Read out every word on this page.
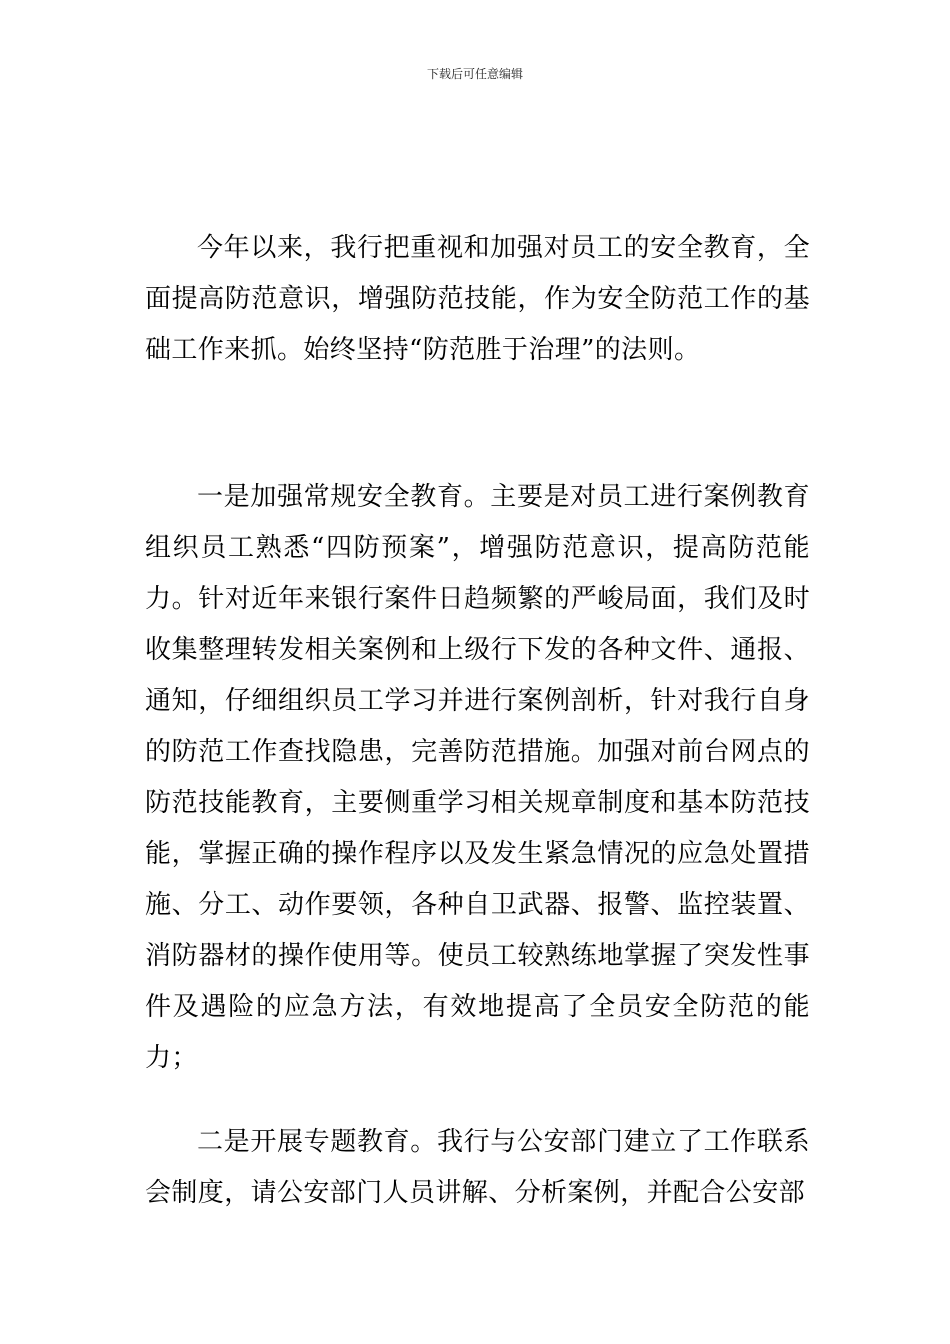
下载后可任意编辑

今年以来，我行把重视和加强对员工的安全教育，全面提高防范意识，增强防范技能，作为安全防范工作的基础工作来抓。始终坚持“防范胜于治理”的法则。

一是加强常规安全教育。主要是对员工进行案例教育组织员工熟悉“四防预案”，增强防范意识，提高防范能力。针对近年来银行案件日趋频繁的严峻局面，我们及时收集整理转发相关案例和上级行下发的各种文件、通报、通知，仔细组织员工学习并进行案例剖析，针对我行自身的防范工作查找隐患，完善防范措施。加强对前台网点的防范技能教育，主要侧重学习相关规章制度和基本防范技能，掌握正确的操作程序以及发生紧急情况的应急处置措施、分工、动作要领，各种自卫武器、报警、监控装置、消防器材的操作使用等。使员工较熟练地掌握了突发性事件及遇险的应急方法，有效地提高了全员安全防范的能力；

二是开展专题教育。我行与公安部门建立了工作联系会制度，请公安部门人员讲解、分析案例，并配合公安部
